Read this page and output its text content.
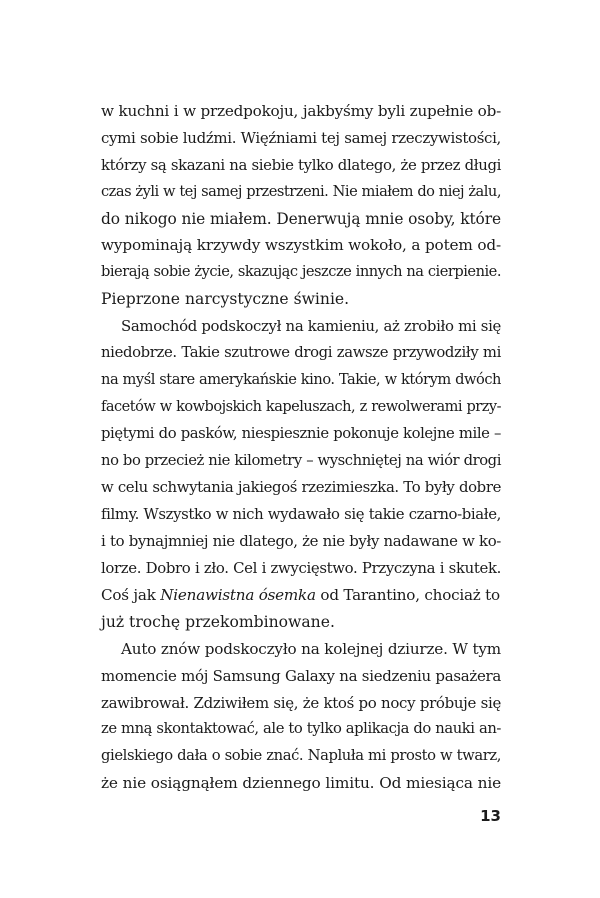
w kuchni i w przedpokoju, jakbyśmy byli zupełnie ob-
cymi sobie ludźmi. Więźniami tej samej rzeczywistości,
którzy są skazani na siebie tylko dlatego, że przez długi
czas żyli w tej samej przestrzeni. Nie miałem do niej żalu,
do nikogo nie miałem. Denerwują mnie osoby, które
wypominają krzywdy wszystkim wokoło, a potem od-
bierają sobie życie, skazując jeszcze innych na cierpienie.
Pieprzone narcystyczne świnie.
Samochód podskoczył na kamieniu, aż zrobiło mi się
niedobrze. Takie szutrowe drogi zawsze przywodziły mi
na myśl stare amerykańskie kino. Takie, w którym dwóch
facetów w kowbojskich kapeluszach, z rewolwerami przy-
piętymi do pasków, niespiesznie pokonuje kolejne mile –
no bo przecież nie kilometry – wyschniętej na wiór drogi
w celu schwytania jakiegoś rzezimieszka. To były dobre
filmy. Wszystko w nich wydawało się takie czarno-białe,
i to bynajmniej nie dlatego, że nie były nadawane w ko-
lorze. Dobro i zło. Cel i zwycięstwo. Przyczyna i skutek.
Coś jak Nienawistna ósemka od Tarantino, chociaż to
już trochę przekombinowane.
Auto znów podskoczyło na kolejnej dziurze. W tym
momencie mój Samsung Galaxy na siedzeniu pasażera
zawibrował. Zdziwiłem się, że ktoś po nocy próbuje się
ze mną skontaktować, ale to tylko aplikacja do nauki an-
gielskiego dała o sobie znać. Napluła mi prosto w twarz,
że nie osiągnąłem dziennego limitu. Od miesiąca nie
13
